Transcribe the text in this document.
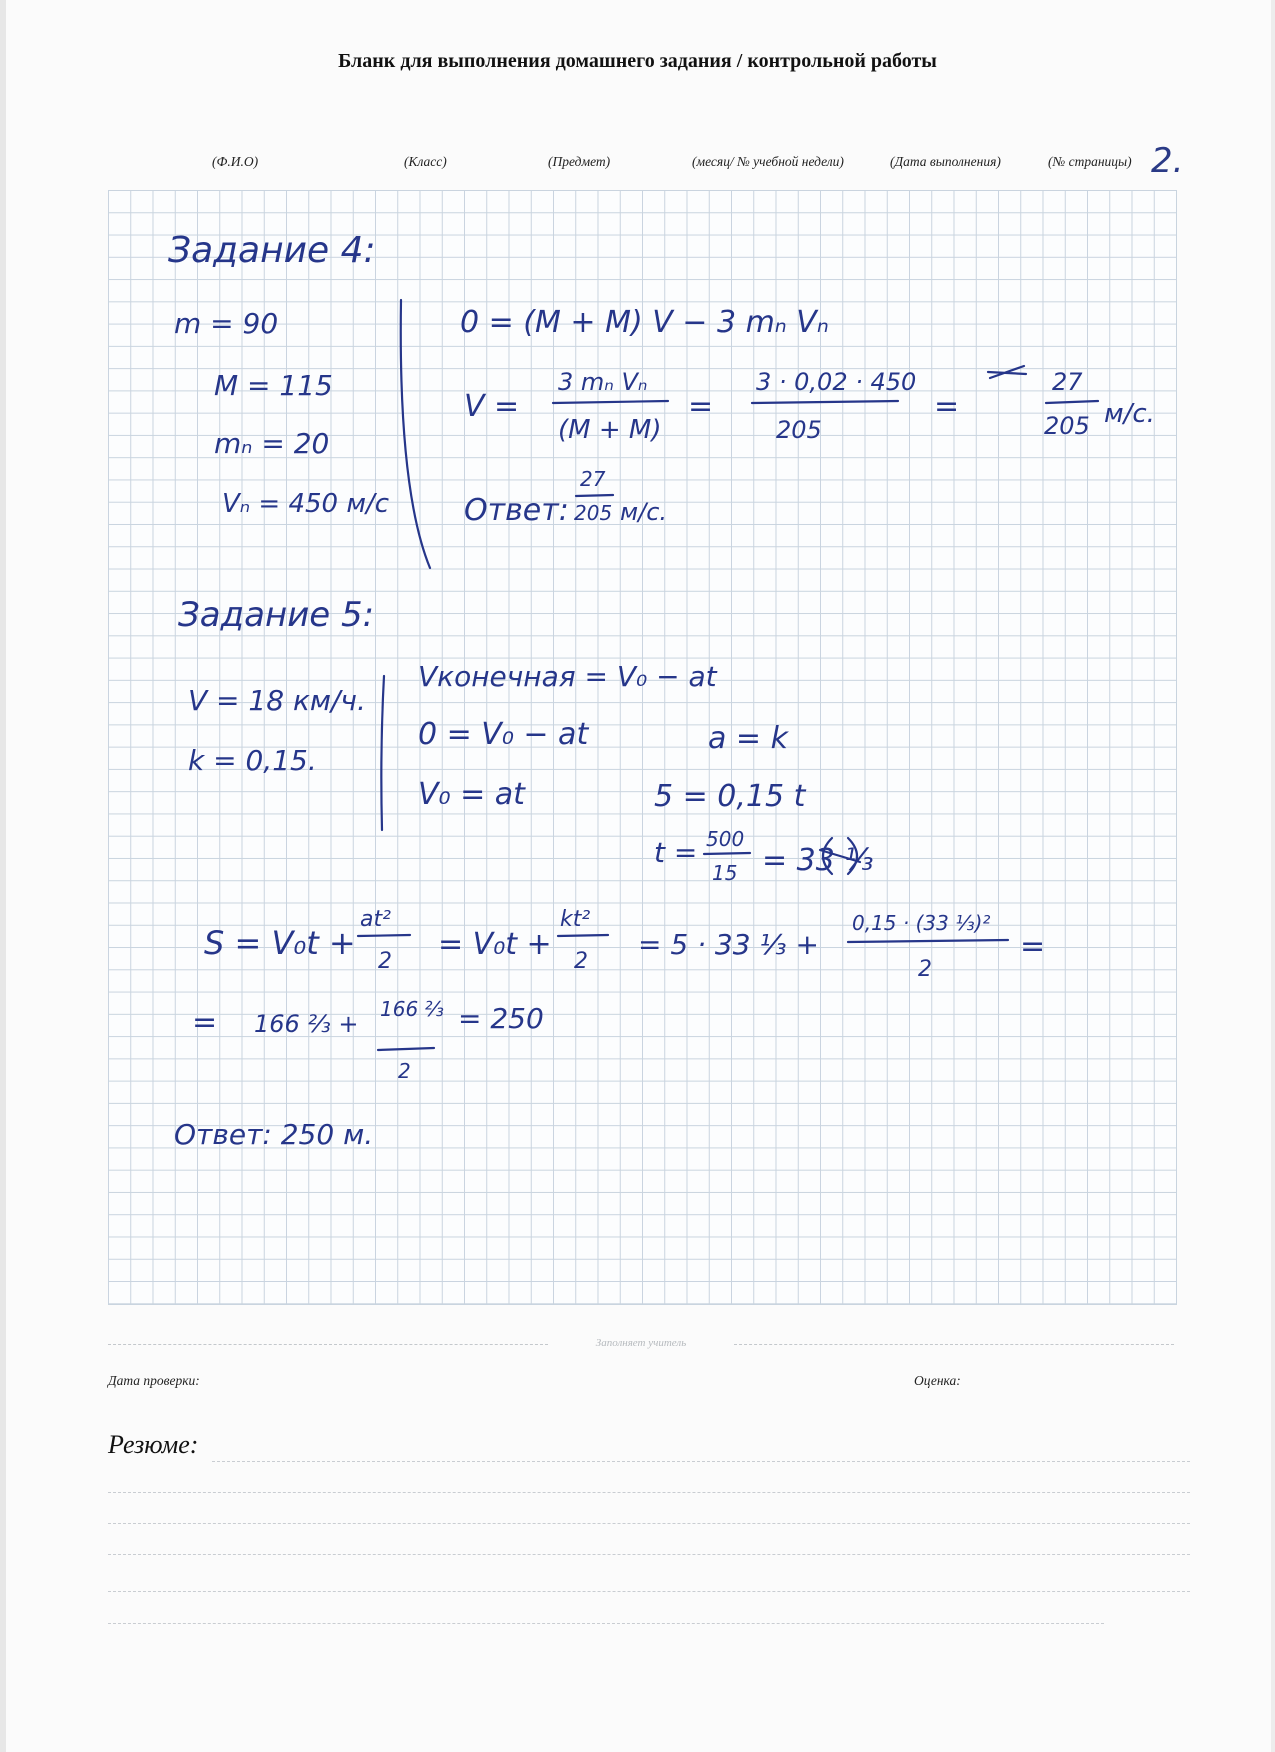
Бланк для выполнения домашнего задания / контрольной работы
(Ф.И.О)	(Класс)	(Предмет)	(месяц/ № учебной недели)	(Дата выполнения)	(№ страницы) 2.
Задание 4:
m = 90
M = 115
mₙ = 20
Vₙ = 450 м/с
0 = (M + M) V − 3 mₙ Vₙ
V =
3 mₙ Vₙ
(M + M)
=
3 · 0,02 · 450
205
=
27
205 м/с.
Ответ:
27
205 м/с.
Задание 5:
V = 18 км/ч.
k = 0,15.
Vконечная = V₀ − at
0 = V₀ − at
V₀ = at
a = k
5 = 0,15 t
t = 500
15 = 33 ⅓
S = V₀t +
at²
2 = V₀t +
kt²
2
= 5 · 33 ⅓ +
0,15 · (33 ⅓)²
2
=
= 166 ⅔ +
166 ⅔
2
= 250
Ответ: 250 м.
Заполняет учитель
Дата проверки:	Оценка:
Резюме:
